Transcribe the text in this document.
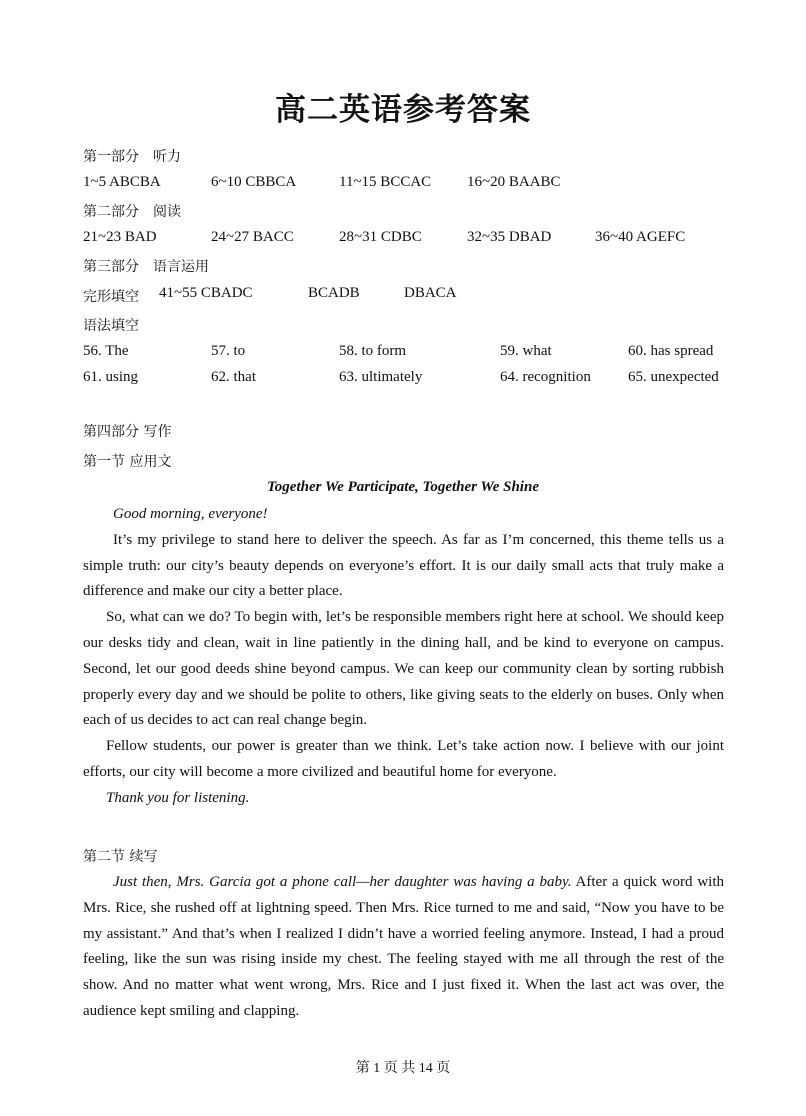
高二英语参考答案
第一部分 听力
1~5 ABCBA	6~10 CBBCA	11~15 BCCAC 16~20 BAABC
第二部分 阅读
21~23 BAD	24~27 BACC	28~31 CDBC	32~35 DBAD	36~40 AGEFC
第三部分 语言运用
完形填空 41~55 CBADC	BCADB	DBACA
语法填空
56. The	57. to	58. to form	59. what	60. has spread
61. using	62. that	63. ultimately	64. recognition 65. unexpected
第四部分 写作
第一节 应用文
Together We Participate, Together We Shine

Good morning, everyone!

It’s my privilege to stand here to deliver the speech. As far as I’m concerned, this theme tells us a simple truth: our city’s beauty depends on everyone’s effort. It is our daily small acts that truly make a difference and make our city a better place.

So, what can we do? To begin with, let’s be responsible members right here at school. We should keep our desks tidy and clean, wait in line patiently in the dining hall, and be kind to everyone on campus. Second, let our good deeds shine beyond campus. We can keep our community clean by sorting rubbish properly every day and we should be polite to others, like giving seats to the elderly on buses. Only when each of us decides to act can real change begin.

Fellow students, our power is greater than we think. Let’s take action now. I believe with our joint efforts, our city will become a more civilized and beautiful home for everyone.

Thank you for listening.

第二节 续写

Just then, Mrs. Garcia got a phone call—her daughter was having a baby. After a quick word with Mrs. Rice, she rushed off at lightning speed. Then Mrs. Rice turned to me and said, “Now you have to be my assistant.” And that’s when I realized I didn’t have a worried feeling anymore. Instead, I had a proud feeling, like the sun was rising inside my chest. The feeling stayed with me all through the rest of the show. And no matter what went wrong, Mrs. Rice and I just fixed it. When the last act was over, the audience kept smiling and clapping.

第 1 页 共 14 页
